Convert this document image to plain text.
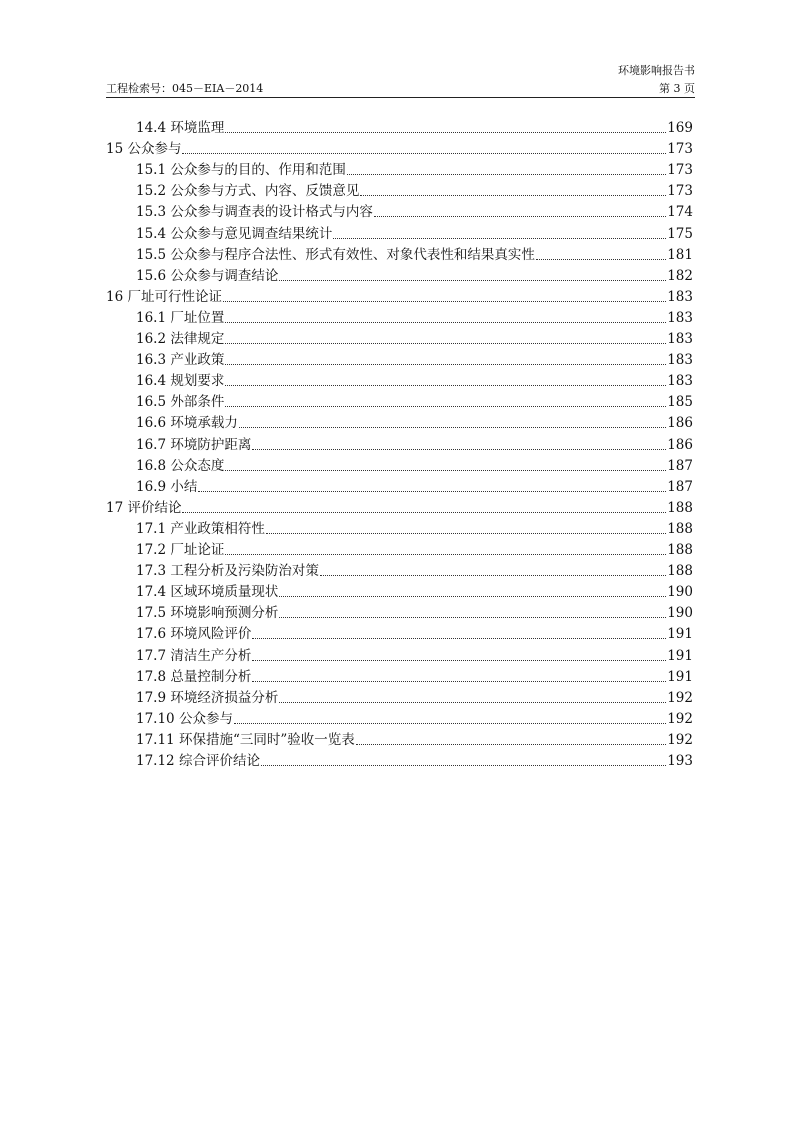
环境影响报告书
工程检索号：045－EIA－2014	第 3 页
14.4 环境监理	169
15 公众参与	173
15.1 公众参与的目的、作用和范围	173
15.2 公众参与方式、内容、反馈意见	173
15.3 公众参与调查表的设计格式与内容	174
15.4 公众参与意见调查结果统计	175
15.5 公众参与程序合法性、形式有效性、对象代表性和结果真实性	181
15.6 公众参与调查结论	182
16 厂址可行性论证	183
16.1 厂址位置	183
16.2 法律规定	183
16.3 产业政策	183
16.4 规划要求	183
16.5 外部条件	185
16.6 环境承载力	186
16.7 环境防护距离	186
16.8 公众态度	187
16.9 小结	187
17 评价结论	188
17.1 产业政策相符性	188
17.2 厂址论证	188
17.3 工程分析及污染防治对策	188
17.4 区域环境质量现状	190
17.5 环境影响预测分析	190
17.6 环境风险评价	191
17.7 清洁生产分析	191
17.8 总量控制分析	191
17.9 环境经济损益分析	192
17.10 公众参与	192
17.11 环保措施“三同时”验收一览表	192
17.12 综合评价结论	193
